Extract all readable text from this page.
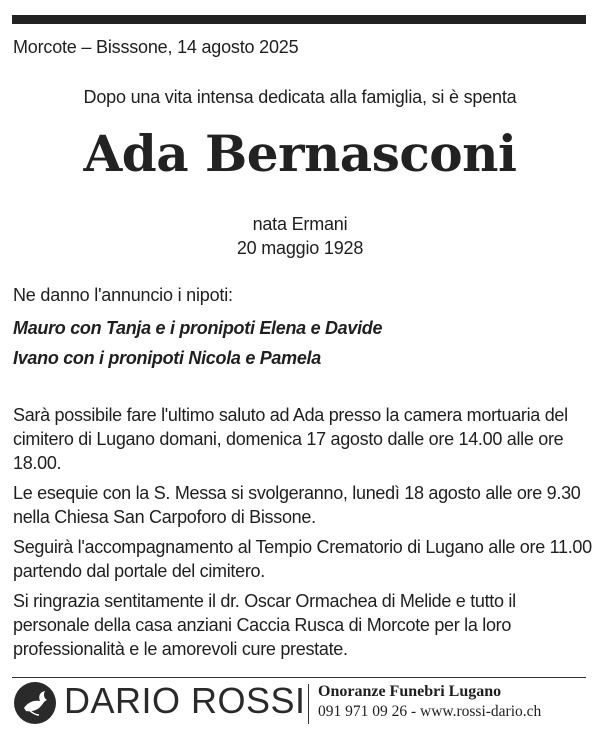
Morcote – Bisssone, 14 agosto 2025
Dopo una vita intensa dedicata alla famiglia, si è spenta
Ada Bernasconi
nata Ermani
20 maggio 1928
Ne danno l'annuncio i nipoti:
Mauro con Tanja e i pronipoti Elena e Davide
Ivano con i pronipoti Nicola e Pamela

Sarà possibile fare l'ultimo saluto ad Ada presso la camera mortuaria del cimitero di Lugano domani, domenica 17 agosto dalle ore 14.00 alle ore 18.00.

Le esequie con la S. Messa si svolgeranno, lunedì 18 agosto alle ore 9.30 nella Chiesa San Carpoforo di Bissone.

Seguirà l'accompagnamento al Tempio Crematorio di Lugano alle ore 11.00 partendo dal portale del cimitero.

Si ringrazia sentitamente il dr. Oscar Ormachea di Melide e tutto il personale della casa anziani Caccia Rusca di Morcote per la loro professionalità e le amorevoli cure prestate.

DARIO ROSSI Onoranze Funebri Lugano
091 971 09 26 - www.rossi-dario.ch
